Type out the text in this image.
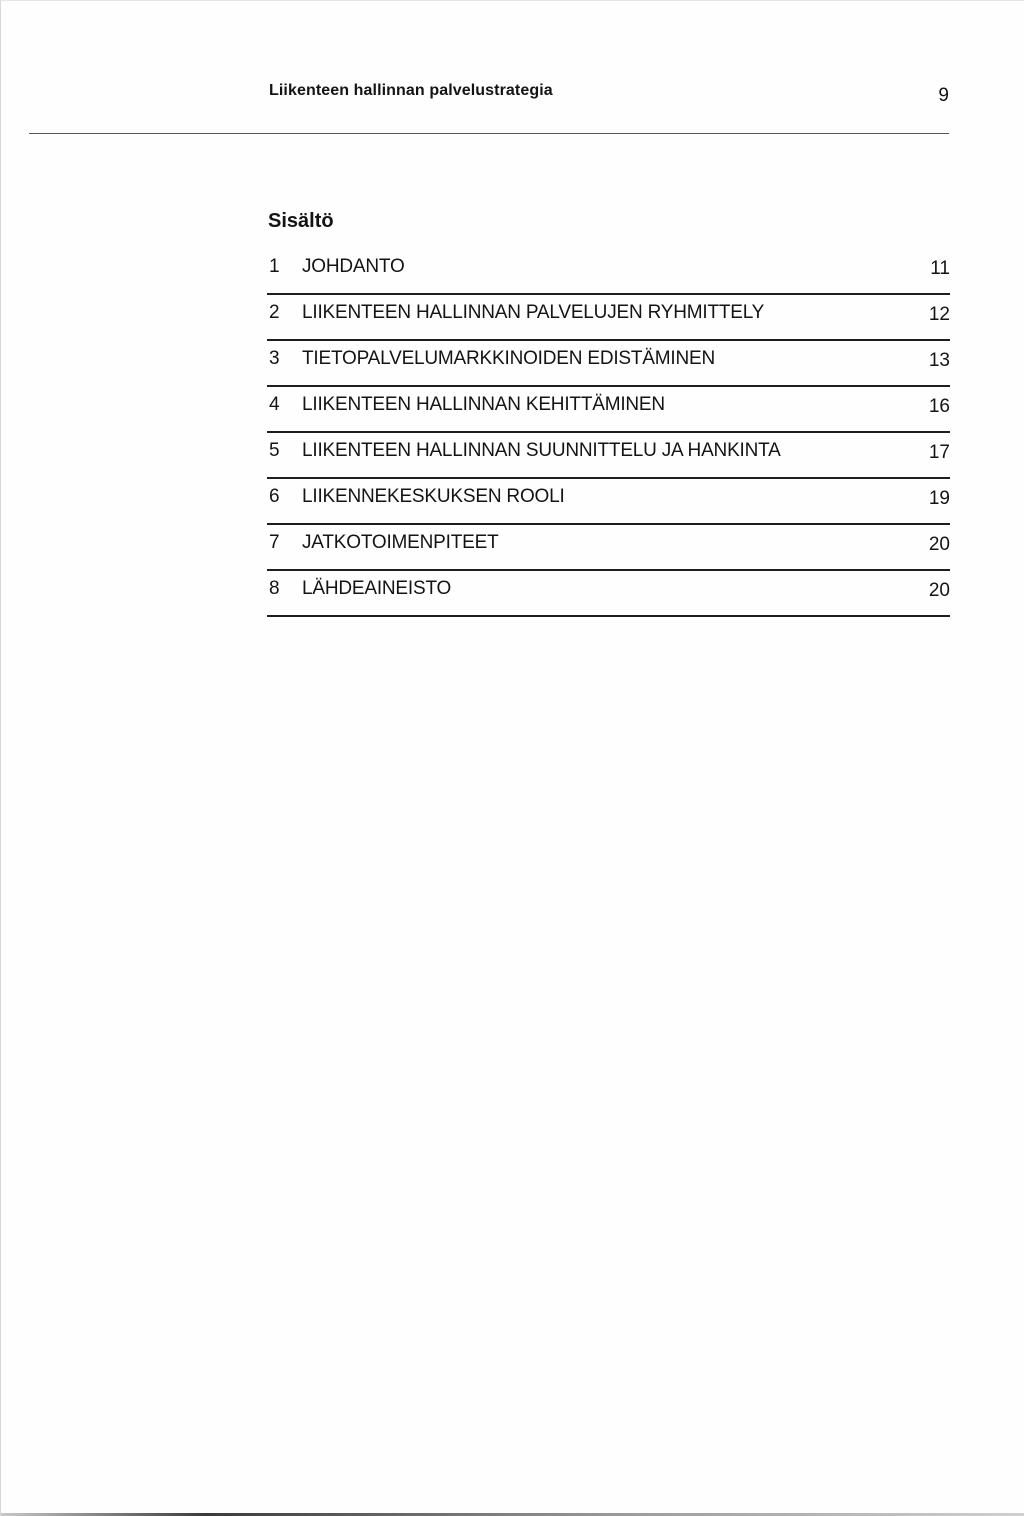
Liikenteen hallinnan palvelustrategia	9
Sisältö
1 JOHDANTO	11
2 LIIKENTEEN HALLINNAN PALVELUJEN RYHMITTELY	12
3 TIETOPALVELUMARKKINOIDEN EDISTÄMINEN	13
4 LIIKENTEEN HALLINNAN KEHITTÄMINEN	16
5 LIIKENTEEN HALLINNAN SUUNNITTELU JA HANKINTA	17
6 LIIKENNEKESKUKSEN ROOLI	19
7 JATKOTOIMENPITEET	20
8 LÄHDEAINEISTO	20
